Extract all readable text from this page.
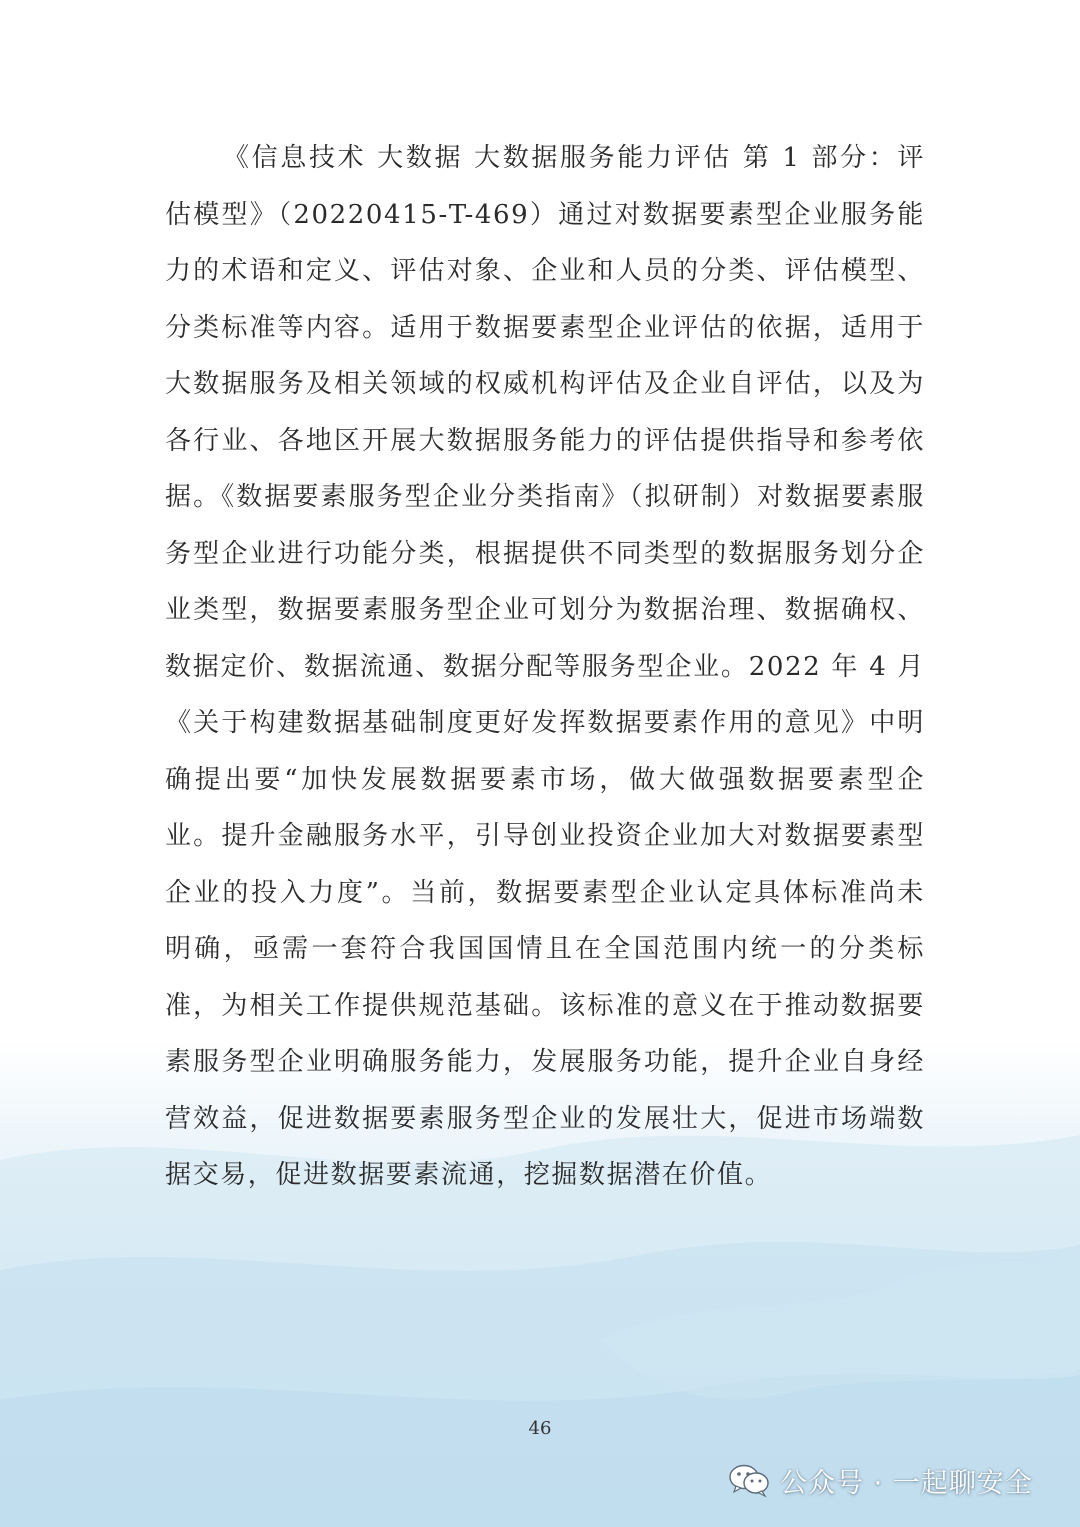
《信息技术 大数据 大数据服务能力评估 第 1 部分：评估模型》（20220415-T-469）通过对数据要素型企业服务能力的术语和定义、评估对象、企业和人员的分类、评估模型、分类标准等内容。适用于数据要素型企业评估的依据，适用于大数据服务及相关领域的权威机构评估及企业自评估，以及为各行业、各地区开展大数据服务能力的评估提供指导和参考依据。《数据要素服务型企业分类指南》（拟研制）对数据要素服务型企业进行功能分类，根据提供不同类型的数据服务划分企业类型，数据要素服务型企业可划分为数据治理、数据确权、数据定价、数据流通、数据分配等服务型企业。2022 年 4 月《关于构建数据基础制度更好发挥数据要素作用的意见》中明确提出要“加快发展数据要素市场，做大做强数据要素型企业。提升金融服务水平，引导创业投资企业加大对数据要素型企业的投入力度”。当前，数据要素型企业认定具体标准尚未明确，亟需一套符合我国国情且在全国范围内统一的分类标准，为相关工作提供规范基础。该标准的意义在于推动数据要素服务型企业明确服务能力，发展服务功能，提升企业自身经营效益，促进数据要素服务型企业的发展壮大，促进市场端数据交易，促进数据要素流通，挖掘数据潜在价值。

46
公众号 · 一起聊安全
